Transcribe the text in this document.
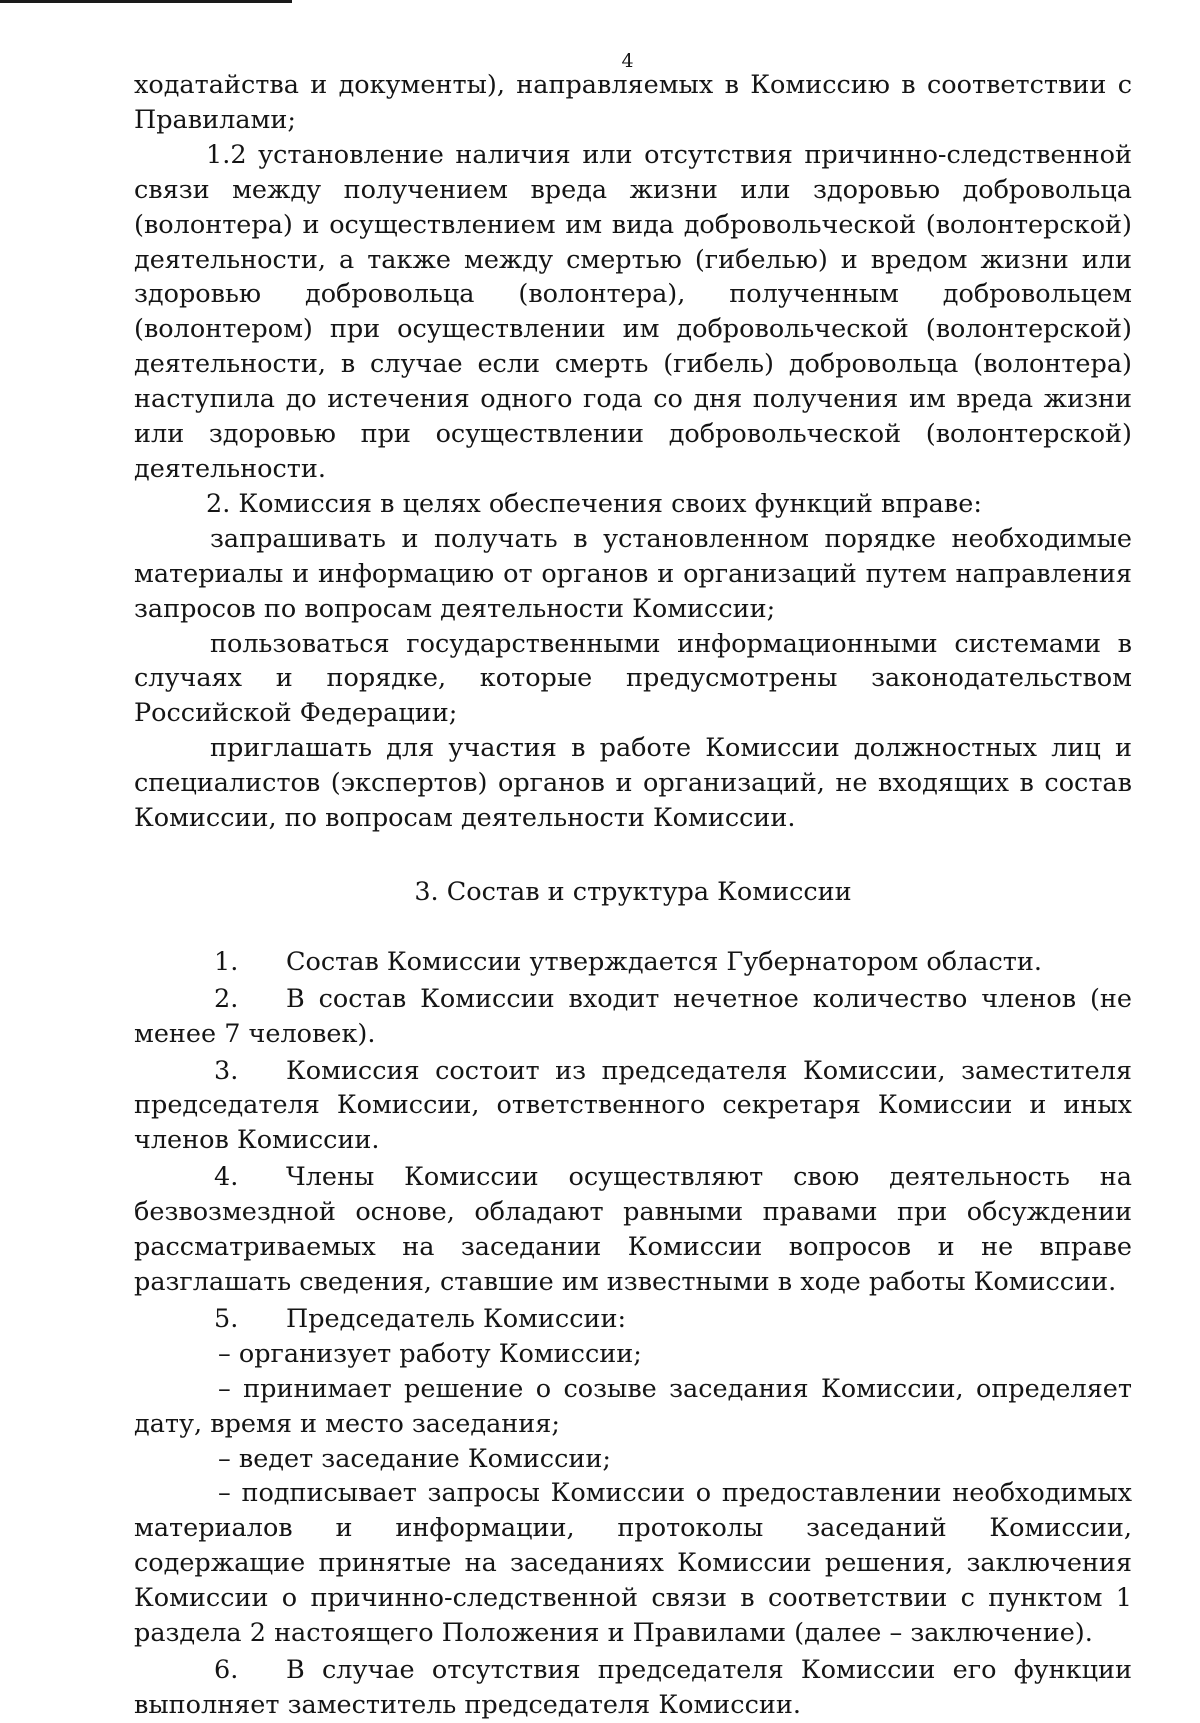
4

ходатайства и документы), направляемых в Комиссию в соответствии с Правилами;

1.2 установление наличия или отсутствия причинно-следственной связи между получением вреда жизни или здоровью добровольца (волонтера) и осуществлением им вида добровольческой (волонтерской) деятельности, а также между смертью (гибелью) и вредом жизни или здоровью добровольца (волонтера), полученным добровольцем (волонтером) при осуществлении им добровольческой (волонтерской) деятельности, в случае если смерть (гибель) добровольца (волонтера) наступила до истечения одного года со дня получения им вреда жизни или здоровью при осуществлении добровольческой (волонтерской) деятельности.

2. Комиссия в целях обеспечения своих функций вправе:

запрашивать и получать в установленном порядке необходимые материалы и информацию от органов и организаций путем направления запросов по вопросам деятельности Комиссии;

пользоваться государственными информационными системами в случаях и порядке, которые предусмотрены законодательством Российской Федерации;

приглашать для участия в работе Комиссии должностных лиц и специалистов (экспертов) органов и организаций, не входящих в состав Комиссии, по вопросам деятельности Комиссии.

3. Состав и структура Комиссии

1. Состав Комиссии утверждается Губернатором области.

2. В состав Комиссии входит нечетное количество членов (не менее 7 человек).

3. Комиссия состоит из председателя Комиссии, заместителя председателя Комиссии, ответственного секретаря Комиссии и иных членов Комиссии.

4. Члены Комиссии осуществляют свою деятельность на безвозмездной основе, обладают равными правами при обсуждении рассматриваемых на заседании Комиссии вопросов и не вправе разглашать сведения, ставшие им известными в ходе работы Комиссии.

5. Председатель Комиссии:

– организует работу Комиссии;

– принимает решение о созыве заседания Комиссии, определяет дату, время и место заседания;

– ведет заседание Комиссии;

– подписывает запросы Комиссии о предоставлении необходимых материалов и информации, протоколы заседаний Комиссии, содержащие принятые на заседаниях Комиссии решения, заключения Комиссии о причинно-следственной связи в соответствии с пунктом 1 раздела 2 настоящего Положения и Правилами (далее – заключение).

6. В случае отсутствия председателя Комиссии его функции выполняет заместитель председателя Комиссии.
